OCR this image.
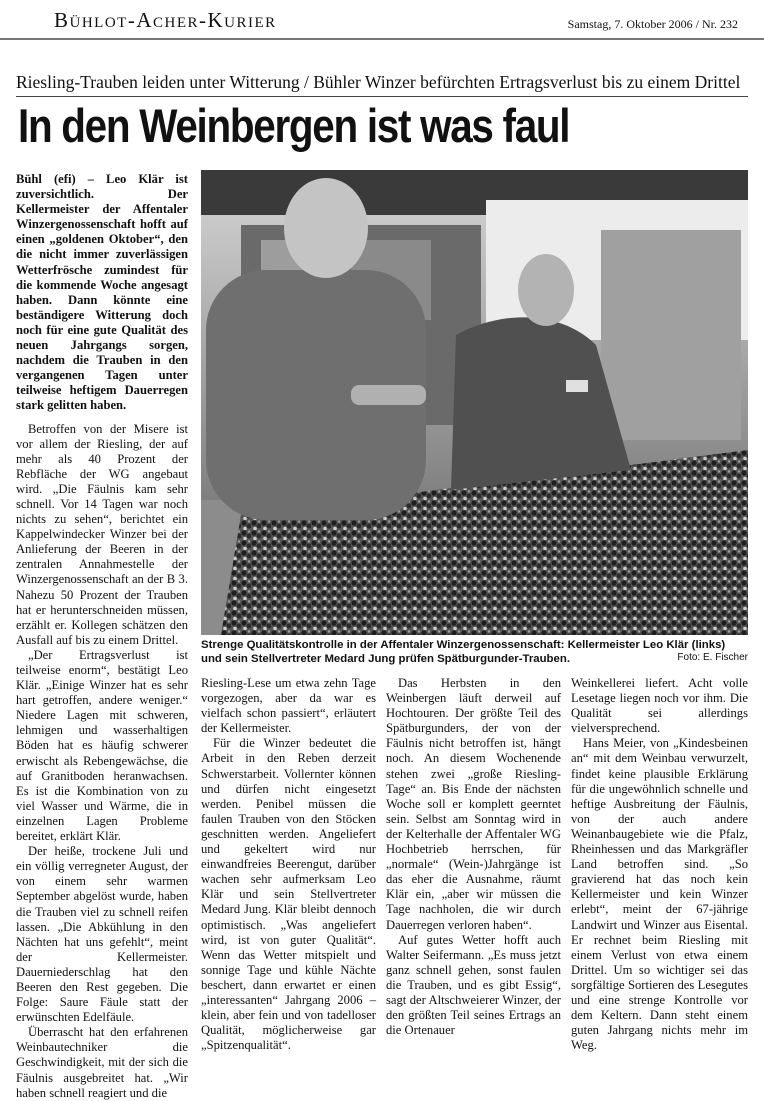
Bühlot-Acher-Kurier	Samstag, 7. Oktober 2006 / Nr. 232
Riesling-Trauben leiden unter Witterung / Bühler Winzer befürchten Ertragsverlust bis zu einem Drittel
In den Weinbergen ist was faul

Bühl (efi) – Leo Klär ist zuversichtlich. Der Kellermeister der Affentaler Winzergenossenschaft hofft auf einen „goldenen Oktober“, den die nicht immer zuverlässigen Wetterfrösche zumindest für die kommende Woche angesagt haben. Dann könnte eine beständigere Witterung doch noch für eine gute Qualität des neuen Jahrgangs sorgen, nachdem die Trauben in den vergangenen Tagen unter teilweise heftigem Dauerregen stark gelitten haben.

Betroffen von der Misere ist vor allem der Riesling, der auf mehr als 40 Prozent der Rebfläche der WG angebaut wird. „Die Fäulnis kam sehr schnell. Vor 14 Tagen war noch nichts zu sehen“, berichtet ein Kappelwindecker Winzer bei der Anlieferung der Beeren in der zentralen Annahmestelle der Winzergenossenschaft an der B 3. Nahezu 50 Prozent der Trauben hat er herunterschneiden müssen, erzählt er. Kollegen schätzen den Ausfall auf bis zu einem Drittel.

„Der Ertragsverlust ist teilweise enorm“, bestätigt Leo Klär. „Einige Winzer hat es sehr hart getroffen, andere weniger.“ Niedere Lagen mit schweren, lehmigen und wasserhaltigen Böden hat es häufig schwerer erwischt als Rebengewächse, die auf Granitboden heranwachsen. Es ist die Kombination von zu viel Wasser und Wärme, die in einzelnen Lagen Probleme bereitet, erklärt Klär.

Der heiße, trockene Juli und ein völlig verregneter August, der von einem sehr warmen September abgelöst wurde, haben die Trauben viel zu schnell reifen lassen. „Die Abkühlung in den Nächten hat uns gefehlt“, meint der Kellermeister. Dauerniederschlag hat den Beeren den Rest gegeben. Die Folge: Saure Fäule statt der erwünschten Edelfäule.

Überrascht hat den erfahrenen Weinbautechniker die Geschwindigkeit, mit der sich die Fäulnis ausgebreitet hat. „Wir haben schnell reagiert und die

Strenge Qualitätskontrolle in der Affentaler Winzergenossenschaft: Kellermeister Leo Klär (links) und sein Stellvertreter Medard Jung prüfen Spätburgunder-Trauben.	Foto: E. Fischer

Riesling-Lese um etwa zehn Tage vorgezogen, aber da war es vielfach schon passiert“, erläutert der Kellermeister.

Für die Winzer bedeutet die Arbeit in den Reben derzeit Schwerstarbeit. Vollernter können und dürfen nicht eingesetzt werden. Penibel müssen die faulen Trauben von den Stöcken geschnitten werden. Angeliefert und gekeltert wird nur einwandfreies Beerengut, darüber wachen sehr aufmerksam Leo Klär und sein Stellvertreter Medard Jung. Klär bleibt dennoch optimistisch. „Was angeliefert wird, ist von guter Qualität“. Wenn das Wetter mitspielt und sonnige Tage und kühle Nächte beschert, dann erwartet er einen „interessanten“ Jahrgang 2006 – klein, aber fein und von tadelloser Qualität, möglicherweise gar „Spitzenqualität“.

Das Herbsten in den Weinbergen läuft derweil auf Hochtouren. Der größte Teil des Spätburgunders, der von der Fäulnis nicht betroffen ist, hängt noch. An diesem Wochenende stehen zwei „große Riesling-Tage“ an. Bis Ende der nächsten Woche soll er komplett geerntet sein. Selbst am Sonntag wird in der Kelterhalle der Affentaler WG Hochbetrieb herrschen, für „normale“ (Wein-)Jahrgänge ist das eher die Ausnahme, räumt Klär ein, „aber wir müssen die Tage nachholen, die wir durch Dauerregen verloren haben“.

Auf gutes Wetter hofft auch Walter Seifermann. „Es muss jetzt ganz schnell gehen, sonst faulen die Trauben, und es gibt Essig“, sagt der Altschweierer Winzer, der den größten Teil seines Ertrags an die Ortenauer

Weinkellerei liefert. Acht volle Lesetage liegen noch vor ihm. Die Qualität sei allerdings vielversprechend.

Hans Meier, von „Kindesbeinen an“ mit dem Weinbau verwurzelt, findet keine plausible Erklärung für die ungewöhnlich schnelle und heftige Ausbreitung der Fäulnis, von der auch andere Weinanbaugebiete wie die Pfalz, Rheinhessen und das Markgräfler Land betroffen sind. „So gravierend hat das noch kein Kellermeister und kein Winzer erlebt“, meint der 67-jährige Landwirt und Winzer aus Eisental. Er rechnet beim Riesling mit einem Verlust von etwa einem Drittel. Um so wichtiger sei das sorgfältige Sortieren des Lesegutes und eine strenge Kontrolle vor dem Keltern. Dann steht einem guten Jahrgang nichts mehr im Weg.
